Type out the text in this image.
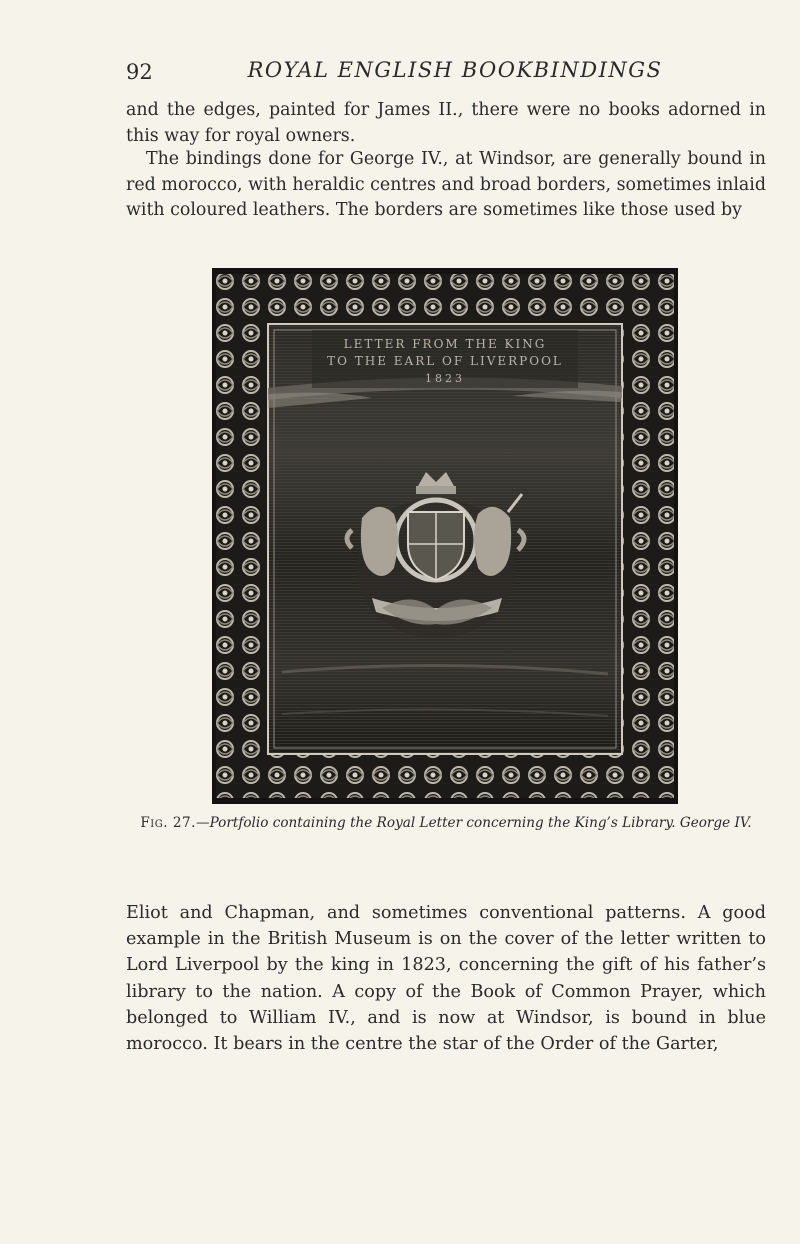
92	ROYAL ENGLISH BOOKBINDINGS

and the edges, painted for James II., there were no books adorned in this way for royal owners.

The bindings done for George IV., at Windsor, are generally bound in red morocco, with heraldic centres and broad borders, sometimes inlaid with coloured leathers. The borders are sometimes like those used by

LETTER FROM THE KING
TO THE EARL OF LIVERPOOL
1823
Fig. 27.—Portfolio containing the Royal Letter concerning the King’s Library. George IV.

Eliot and Chapman, and sometimes conventional patterns. A good example in the British Museum is on the cover of the letter written to Lord Liverpool by the king in 1823, concerning the gift of his father’s library to the nation. A copy of the Book of Common Prayer, which belonged to William IV., and is now at Windsor, is bound in blue morocco. It bears in the centre the star of the Order of the Garter,
